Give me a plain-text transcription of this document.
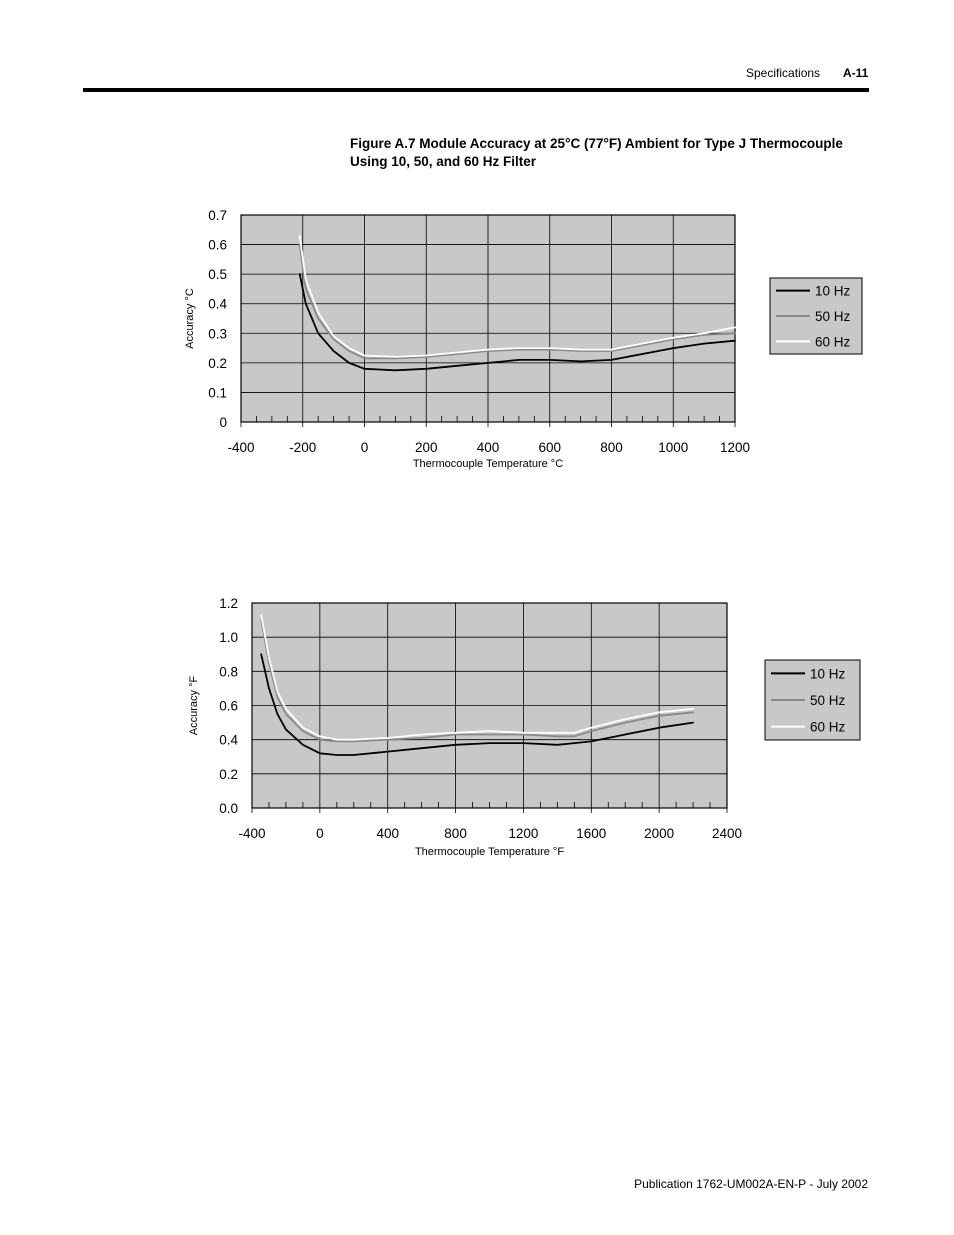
Specifications A-11
Figure A.7 Module Accuracy at 25°C (77°F) Ambient for Type J Thermocouple Using 10, 50, and 60 Hz Filter
-400	-200	0	200	400	600	800	1000 1200
0
0.1
0.2
0.3
0.4
0.5
0.6
0.7
Thermocouple Temperature °C
Accuracy °C	10 Hz
50 Hz
60 Hz
-400	0	400	800	1200	1600	2000	2400
0.0
0.2
0.4
0.6
0.8
1.0
1.2
Thermocouple Temperature °F
Accuracy °F
10 Hz
50 Hz
60 Hz
Publication 1762-UM002A-EN-P - July 2002
